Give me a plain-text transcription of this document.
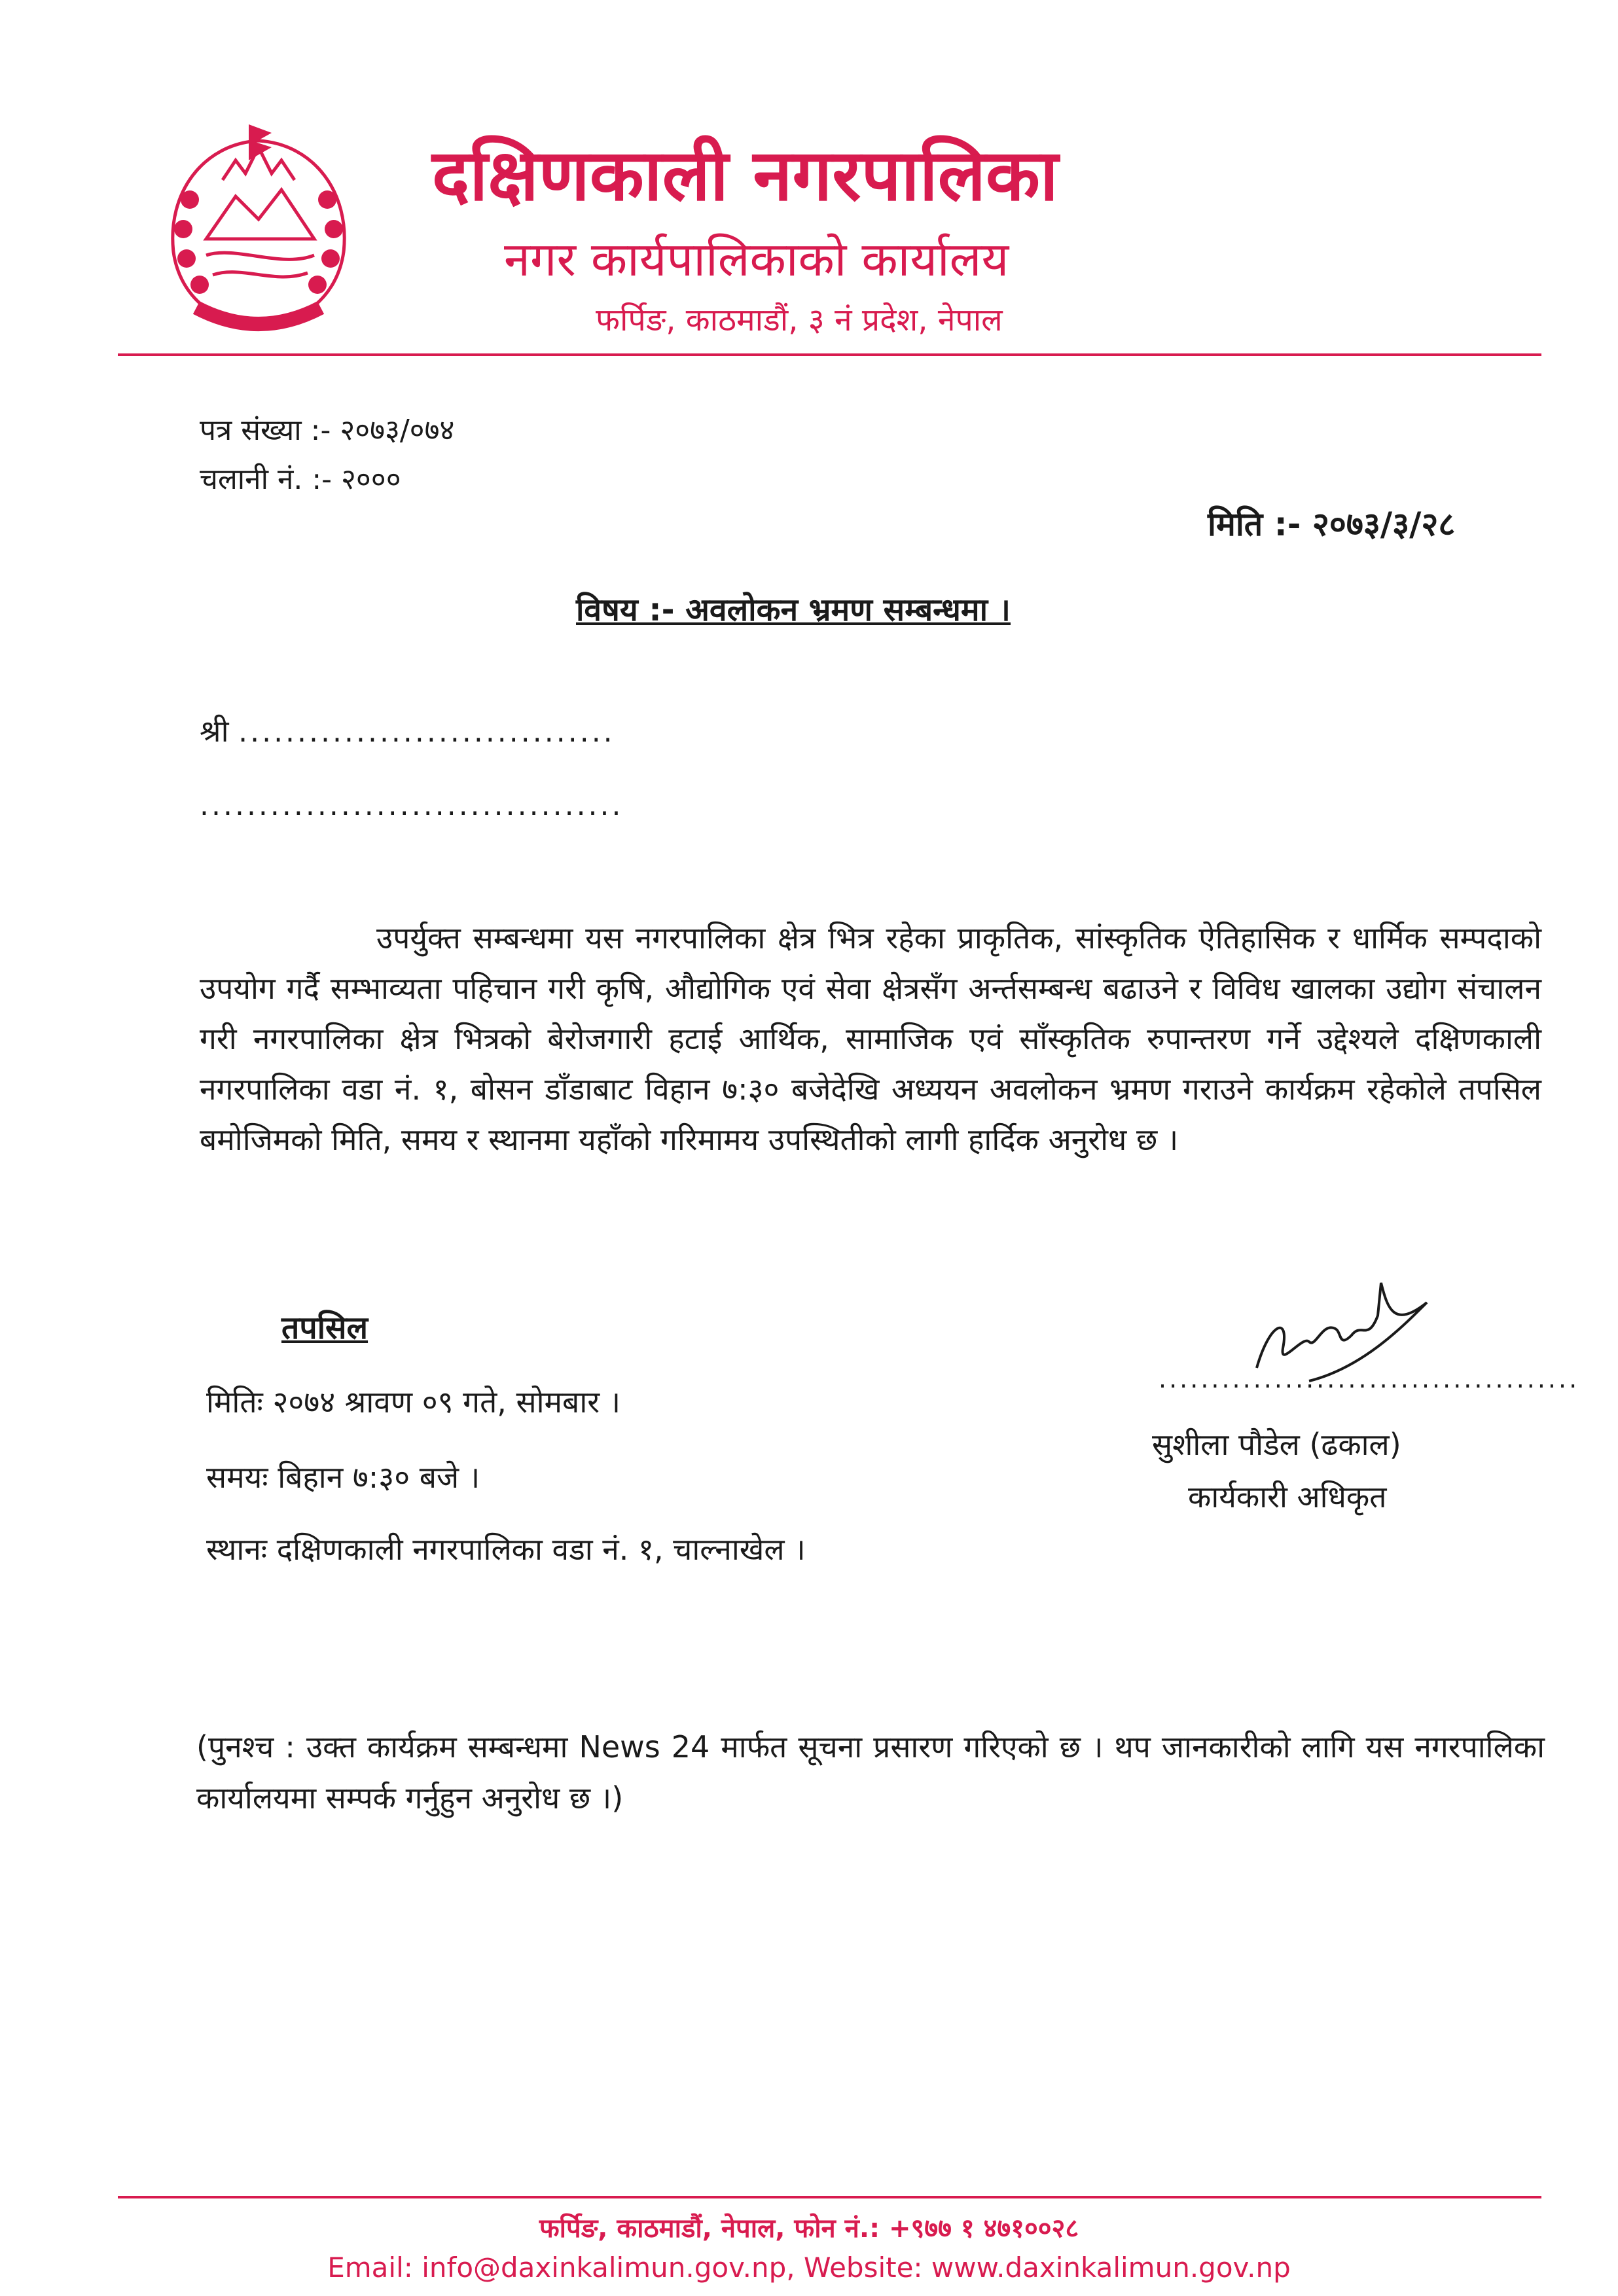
दक्षिणकाली नगरपालिका
नगर कार्यपालिकाको कार्यालय
फर्पिङ, काठमाडौं, ३ नं प्रदेश, नेपाल
पत्र संख्या :- २०७३/०७४
चलानी नं. :- २०००
मिति :- २०७३/३/२८
विषय :- अवलोकन भ्रमण सम्बन्धमा ।
श्री ................................
....................................
उपर्युक्त सम्बन्धमा यस नगरपालिका क्षेत्र भित्र रहेका प्राकृतिक, सांस्कृतिक ऐतिहासिक र धार्मिक सम्पदाको उपयोग गर्दै सम्भाव्यता पहिचान गरी कृषि, औद्योगिक एवं सेवा क्षेत्रसँग अर्न्तसम्बन्ध बढाउने र विविध खालका उद्योग संचालन गरी नगरपालिका क्षेत्र भित्रको बेरोजगारी हटाई आर्थिक, सामाजिक एवं साँस्कृतिक रुपान्तरण गर्ने उद्देश्यले दक्षिणकाली नगरपालिका वडा नं. १, बोसन डाँडाबाट विहान ७:३० बजेदेखि अध्ययन अवलोकन भ्रमण गराउने कार्यक्रम रहेकोले तपसिल बमोजिमको मिति, समय र स्थानमा यहाँको गरिमामय उपस्थितीको लागी हार्दिक अनुरोध छ ।
तपसिल
मितिः २०७४ श्रावण ०९ गते, सोमबार ।
समयः बिहान ७:३० बजे ।
स्थानः दक्षिणकाली नगरपालिका वडा नं. १, चाल्नाखेल ।
........................................
सुशीला पौडेल (ढकाल)
कार्यकारी अधिकृत
(पुनश्च : उक्त कार्यक्रम सम्बन्धमा News 24 मार्फत सूचना प्रसारण गरिएको छ । थप जानकारीको लागि यस नगरपालिका कार्यालयमा सम्पर्क गर्नुहुन अनुरोध छ ।)
फर्पिङ, काठमाडौं, नेपाल, फोन नं.: +९७७ १ ४७१००२८
Email: info@daxinkalimun.gov.np, Website: www.daxinkalimun.gov.np
